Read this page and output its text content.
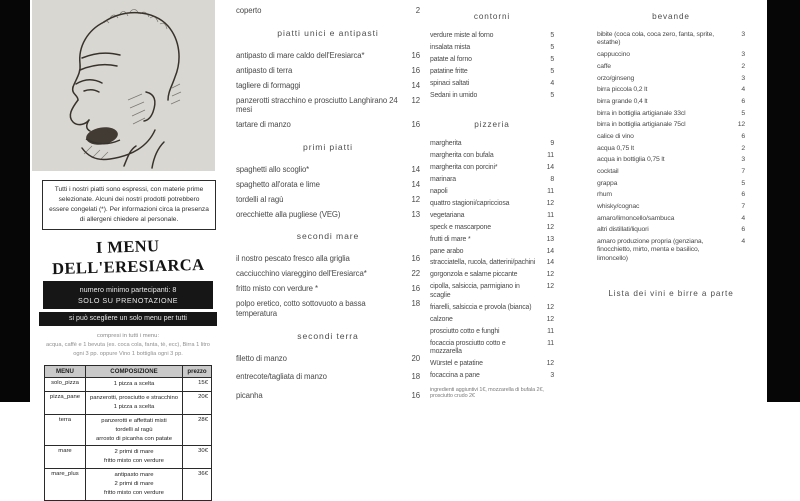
Tutti i nostri piatti sono espressi, con materie prime selezionate. Alcuni dei nostri prodotti potrebbero essere congelati (*). Per informazioni circa la presenza di allergeni chiedere al personale.
I MENU DELL'ERESIARCA
numero minimo partecipanti: 8
SOLO SU PRENOTAZIONE
si può scegliere un solo menu per tutti
compresi in tutti i menu:
acqua, caffè e 1 bevuta (es. coca cola, fanta, tè, ecc), Birra 1 litro ogni 3 pp. oppure Vino 1 bottiglia ogni 3 pp.
MENU	COMPOSIZIONE	prezzo
solo_pizza	1 pizza a scelta	15€
pizza_pane	panzerotti, prosciutto e stracchino
1 pizza a scelta	20€
terra	panzerotti e affettati misti
tordelli al ragù
arrosto di picanha con patate	28€
mare	2 primi di mare
fritto misto con verdure	30€
mare_plus	antipasto mare
2 primi di mare
fritto misto con verdure	36€
coperto	2
piatti unici e antipasti
antipasto di mare caldo dell'Eresiarca*	16
antipasto di terra	16
tagliere di formaggi	14
panzerotti stracchino e prosciutto Langhirano 24 mesi
12
tartare di manzo	16
primi piatti
spaghetti allo scoglio*	14
spaghetto all'orata e lime	14
tordelli al ragù	12
orecchiette alla pugliese (VEG)	13
secondi mare
il nostro pescato fresco alla griglia	16
cacciucchino viareggino dell'Eresiarca*	22
fritto misto con verdure *	16
polpo eretico, cotto sottovuoto a bassa temperatura
18
secondi terra
filetto di manzo	20
entrecote/tagliata di manzo	18
picanha	16
contorni
verdure miste al forno	5
insalata mista	5
patate al forno	5
patatine fritte	5
spinaci saltati	4
Sedani in umido	5
pizzeria
margherita	9
margherita con bufala	11
margherita con porcini*	14
marinara	8
napoli	11
quattro stagioni/capricciosa	12
vegetariana	11
speck e mascarpone	12
frutti di mare *	13
pane arabo	14
stracciatella, rucola, datterini/pachini	14
gorgonzola e salame piccante	12
cipolla, salsiccia, parmigiano in scaglie
12
friarelli, salsiccia e provola (bianca)	12
calzone	12
prosciutto cotto e funghi	11
focaccia prosciutto cotto e mozzarella
11
Würstel e patatine	12
focaccina a pane	3
ingredienti aggiuntivi 1€, mozzarella di bufala 2€, prosciutto crudo 2€
bevande
bibite (coca cola, coca zero, fanta, sprite, estathe)
3
cappuccino	3
caffe	2
orzo/ginseng	3
birra piccola 0,2 lt	4
birra grande 0,4 lt	6
birra in bottiglia artigianale 33cl	5
birra in bottiglia artigianale 75cl	12
calice di vino	6
acqua 0,75 lt	2
acqua in bottiglia 0,75 lt	3
cocktail	7
grappa	5
rhum	6
whisky/cognac	7
amaro/limoncello/sambuca	4
altri distillati/liquori	6
amaro produzione propria (genziana, finocchietto, mirto, menta e basilico, limoncello)
4
Lista dei vini e birre a parte
